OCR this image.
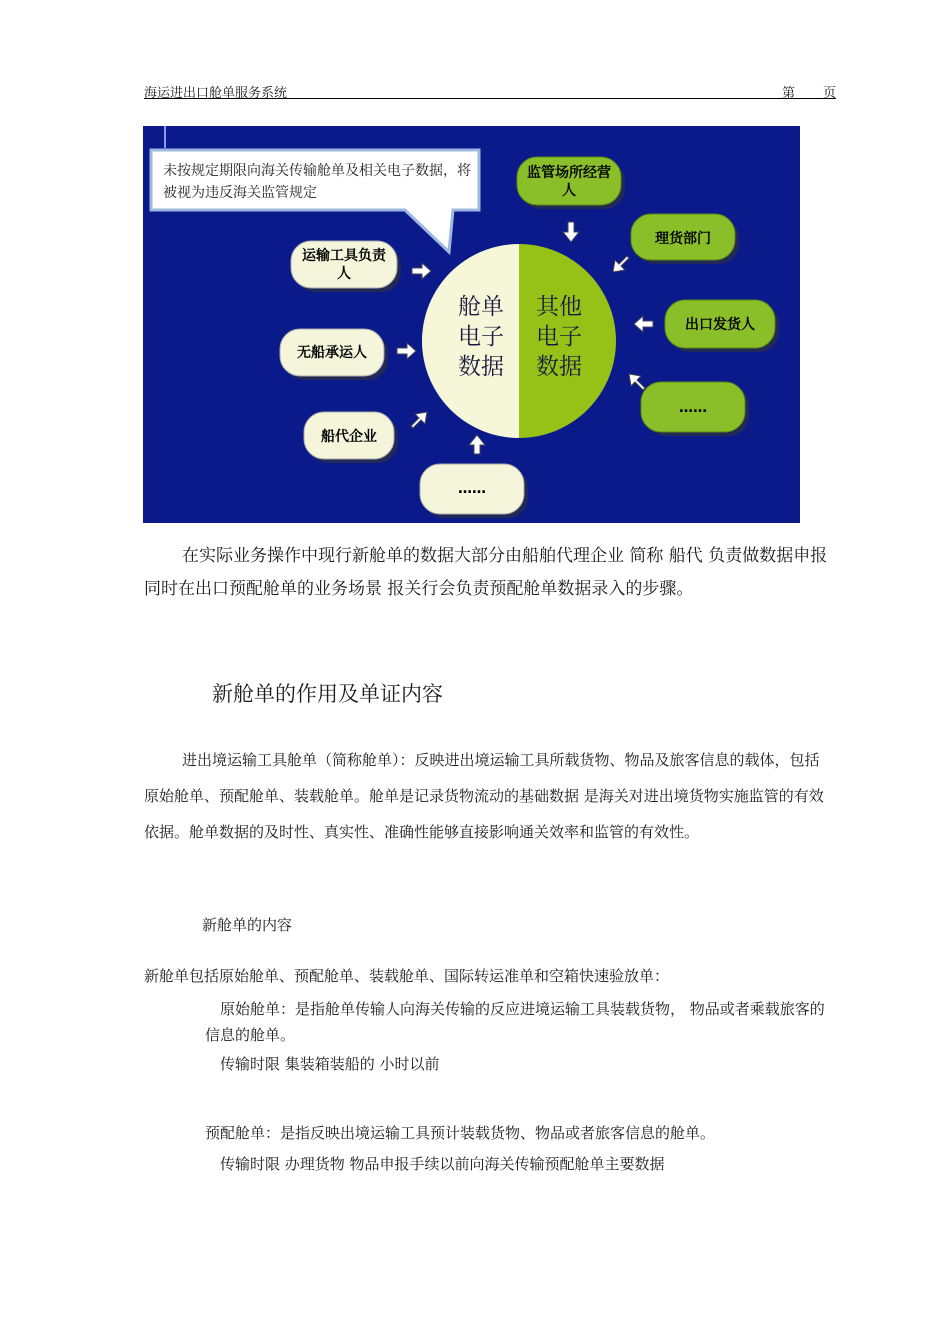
海运进出口舱单服务系统	第 页
未按规定期限向海关传输舱单及相关电子数据，将被视为违反海关监管规定
运输工具负责人
无船承运人
船代企业
……
监管场所经营人
理货部门
出口发货人
……
舱单
电子
数据
其他
电子
数据

在实际业务操作中现行新舱单的数据大部分由船舶代理企业 简称 船代 负责做数据申报 同时在出口预配舱单的业务场景 报关行会负责预配舱单数据录入的步骤。

新舱单的作用及单证内容

进出境运输工具舱单（简称舱单）：反映进出境运输工具所载货物、物品及旅客信息的载体，包括原始舱单、预配舱单、装载舱单。舱单是记录货物流动的基础数据 是海关对进出境货物实施监管的有效依据。舱单数据的及时性、真实性、准确性能够直接影响通关效率和监管的有效性。

新舱单的内容

新舱单包括原始舱单、预配舱单、装载舱单、国际转运准单和空箱快速验放单：

原始舱单：是指舱单传输人向海关传输的反应进境运输工具装载货物， 物品或者乘载旅客的信息的舱单。

传输时限 集装箱装船的 小时以前

预配舱单：是指反映出境运输工具预计装载货物、物品或者旅客信息的舱单。

传输时限 办理货物 物品申报手续以前向海关传输预配舱单主要数据
